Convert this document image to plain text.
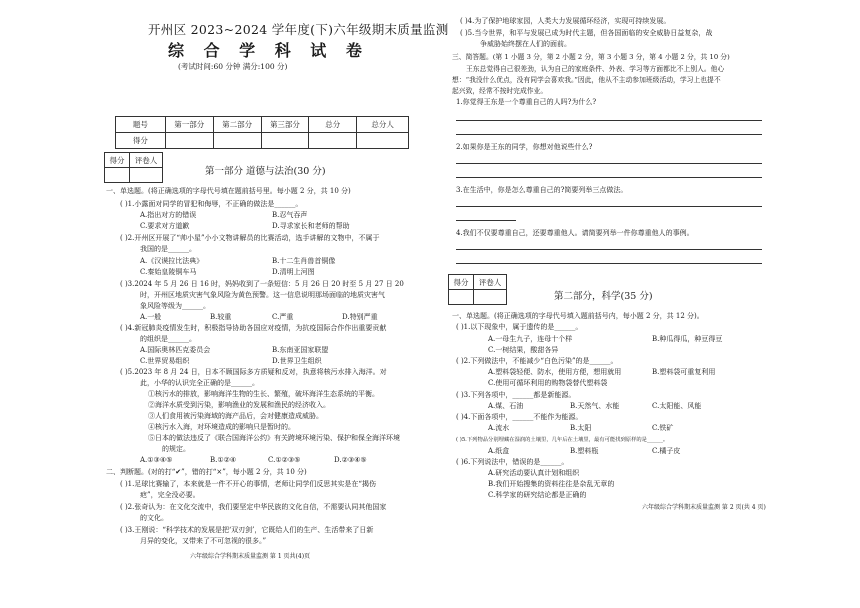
开州区 2023~2024 学年度(下)六年级期末质量监测
综 合 学 科 试 卷
(考试时间:60 分钟 满分:100 分)
题号	第一部分	第二部分	第三部分	总分	总分人
得分					
得分	评卷人

第一部分 道德与法治(30 分)
一、单选题。(将正确选项的字母代号填在题前括号里。每小题 2 分，共 10 分)
( )1.小露面对同学的冒犯和侮辱，不正确的做法是______。
A.指出对方的错误	B.忍气吞声
C.要求对方道歉	D.寻求家长和老师的帮助
( )2.开州区开展了“帅小星”小小文物讲解员的比赛活动，选手讲解的文物中，不属于
我国的是______。
A.《汉谟拉比法典》	B.十二生肖兽首铜像
C.秦始皇陵铜车马	D.清明上河图
( )3.2024 年 5 月 26 日 16 时，妈妈收到了一条短信：5 月 26 日 20 时至 5 月 27 日 20
时，开州区地质灾害气象风险为黄色预警。这一信息说明那场面临的地质灾害气
象风险等级为______。
A.一般	B.较重	C.严重	D.特别严重
( )4.新冠肺炎疫情发生时，积极指导协助各国应对疫情，为抗疫国际合作作出重要贡献
的组织是______。
A.国际奥林匹克委员会	B.东南亚国家联盟
C.世界贸易组织	D.世界卫生组织
( )5.2023 年 8 月 24 日，日本不顾国际多方质疑和反对，执意将核污水排入海洋。对
此，小华的认识完全正确的是______。
①核污水的排放，影响海洋生物的生长、繁殖，破坏海洋生态系统的平衡。
②海洋水质受到污染，影响渔业的发展和渔民的经济收入。
③人们食用被污染海域的海产品后，会对健康造成威胁。
④核污水入海，对环境造成的影响只是暂时的。
⑤日本的做法违反了《联合国海洋公约》有关跨境环境污染、保护和保全海洋环境
的规定。
A.①③④⑤	B.①②④	C.①②③⑤	D.②③④⑤
二、判断题。(对的打“✔”，错的打“×”，每小题 2 分，共 10 分)
( )1.足球比赛输了，本来就是一件不开心的事情，老师让同学们反思其实是在“揭伤
疤”，完全没必要。
( )2.张奇认为：在文化交流中，我们要坚定中华民族的文化自信，不需要认同其他国家
的文化。
( )3.王刚说：“科学技术的发展是把‘双刃剑’，它既给人们的生产、生活带来了日新
月异的变化，又带来了不可忽视的很多。”
六年级综合学科期末质量监测 第 1 页共(4)页
( )4.为了保护地球家园，人类大力发展循环经济，实现可持续发展。
( )5.当今世界，和平与发展已成为时代主题，但各国面临的安全威胁日益复杂，战
争威胁始终摆在人们的面前。
三、简答题。(第 1 小题 3 分，第 2 小题 2 分，第 3 小题 3 分，第 4 小题 2 分，共 10 分)
王东总觉得自己很差劲，认为自己的家庭条件、外表、学习等方面都比不上别人。他心
想：“我没什么优点，没有同学会喜欢我。”因此，他从不主动参加班级活动，学习上也提不
起兴致，经常不按时完成作业。
1.你觉得王东是一个尊重自己的人吗?为什么?
2.如果你是王东的同学，你想对他说些什么?
3.在生活中，你是怎么尊重自己的?简要列举三点做法。
4.我们不仅要尊重自己，还要尊重他人。请简要列举一件你尊重他人的事例。
得分	评卷人

第二部分，科学(35 分)
一、单选题。(将正确选项的字母代号填入题前括号内，每小题 2 分，共 12 分)。
( )1.以下现象中，属于遗传的是______。
A.一母生九子，连母十个样	B.种瓜得瓜，种豆得豆
C.一树结果，酸甜各异
( )2.下列做法中，不能减少“白色污染”的是______。
A.塑料袋轻便、防水，使用方便，想用就用	B.塑料袋可重复利用
C.使用可循环利用的购物袋替代塑料袋
( )3.下列各项中，______都是新能源。
A.煤、石油	B.天然气、水能	C.太阳能、风能
( )4.下面各项中，______不能作为能源。
A.流水	B.太阳	C.铁矿
( )5.下列物品分别埋藏在湿润的土壤里，几年后在土壤里，最有可能找到原样的是______。
A.纸盒	B.塑料瓶	C.橘子皮
( )6.下列说法中，错误的是______。
A.研究活动要认真计划和组织
B.我们开始搜集的资料往往是杂乱无章的
C.科学家的研究结论都是正确的
六年级综合学科期末质量监测 第 2 页(共 4 页)
